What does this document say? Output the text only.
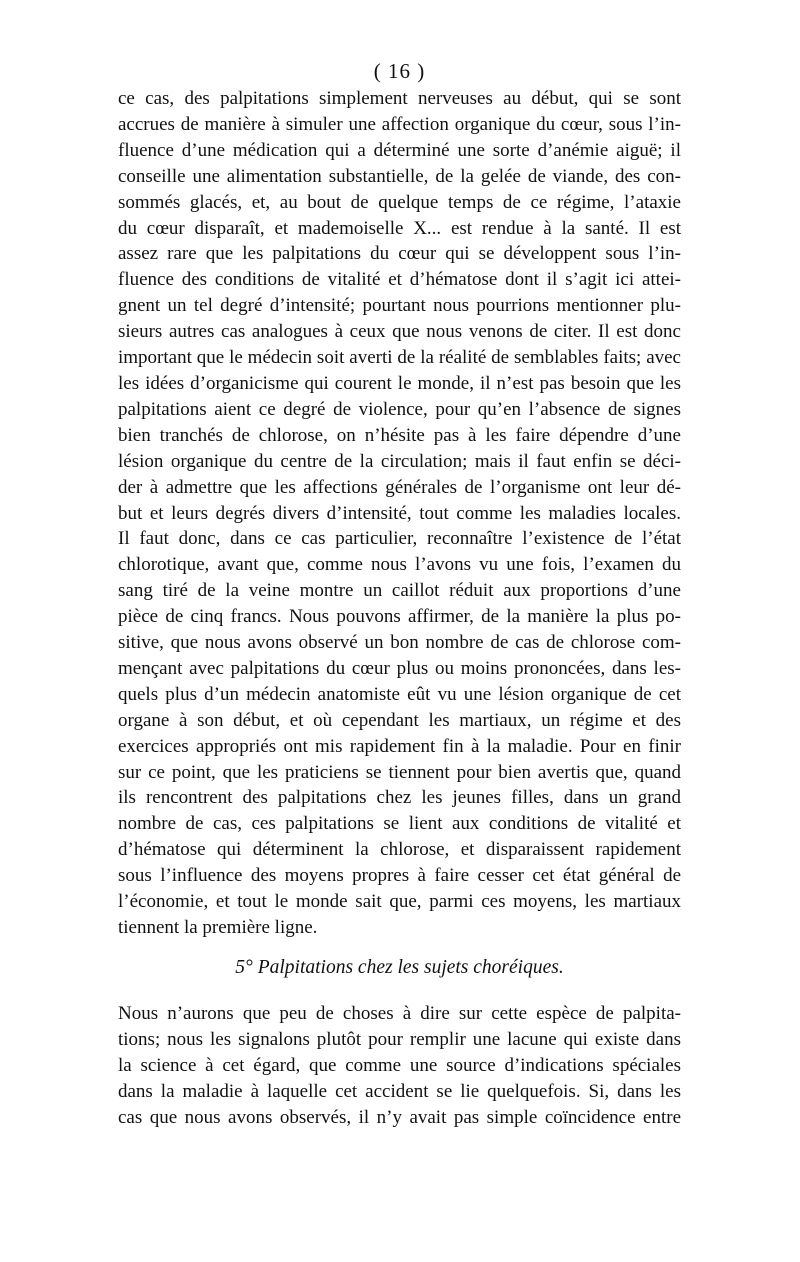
( 16 )
ce cas, des palpitations simplement nerveuses au début, qui se sont
accrues de manière à simuler une affection organique du cœur, sous l’in-
fluence d’une médication qui a déterminé une sorte d’anémie aiguë; il
conseille une alimentation substantielle, de la gelée de viande, des con-
sommés glacés, et, au bout de quelque temps de ce régime, l’ataxie
du cœur disparaît, et mademoiselle X... est rendue à la santé. Il est
assez rare que les palpitations du cœur qui se développent sous l’in-
fluence des conditions de vitalité et d’hématose dont il s’agit ici attei-
gnent un tel degré d’intensité; pourtant nous pourrions mentionner plu-
sieurs autres cas analogues à ceux que nous venons de citer. Il est donc
important que le médecin soit averti de la réalité de semblables faits; avec
les idées d’organicisme qui courent le monde, il n’est pas besoin que les
palpitations aient ce degré de violence, pour qu’en l’absence de signes
bien tranchés de chlorose, on n’hésite pas à les faire dépendre d’une
lésion organique du centre de la circulation; mais il faut enfin se déci-
der à admettre que les affections générales de l’organisme ont leur dé-
but et leurs degrés divers d’intensité, tout comme les maladies locales.
Il faut donc, dans ce cas particulier, reconnaître l’existence de l’état
chlorotique, avant que, comme nous l’avons vu une fois, l’examen du
sang tiré de la veine montre un caillot réduit aux proportions d’une
pièce de cinq francs. Nous pouvons affirmer, de la manière la plus po-
sitive, que nous avons observé un bon nombre de cas de chlorose com-
mençant avec palpitations du cœur plus ou moins prononcées, dans les-
quels plus d’un médecin anatomiste eût vu une lésion organique de cet
organe à son début, et où cependant les martiaux, un régime et des
exercices appropriés ont mis rapidement fin à la maladie. Pour en finir
sur ce point, que les praticiens se tiennent pour bien avertis que, quand
ils rencontrent des palpitations chez les jeunes filles, dans un grand
nombre de cas, ces palpitations se lient aux conditions de vitalité et
d’hématose qui déterminent la chlorose, et disparaissent rapidement
sous l’influence des moyens propres à faire cesser cet état général de
l’économie, et tout le monde sait que, parmi ces moyens, les martiaux
tiennent la première ligne.
5° Palpitations chez les sujets choréiques.
Nous n’aurons que peu de choses à dire sur cette espèce de palpita-
tions; nous les signalons plutôt pour remplir une lacune qui existe dans
la science à cet égard, que comme une source d’indications spéciales
dans la maladie à laquelle cet accident se lie quelquefois. Si, dans les
cas que nous avons observés, il n’y avait pas simple coïncidence entre
